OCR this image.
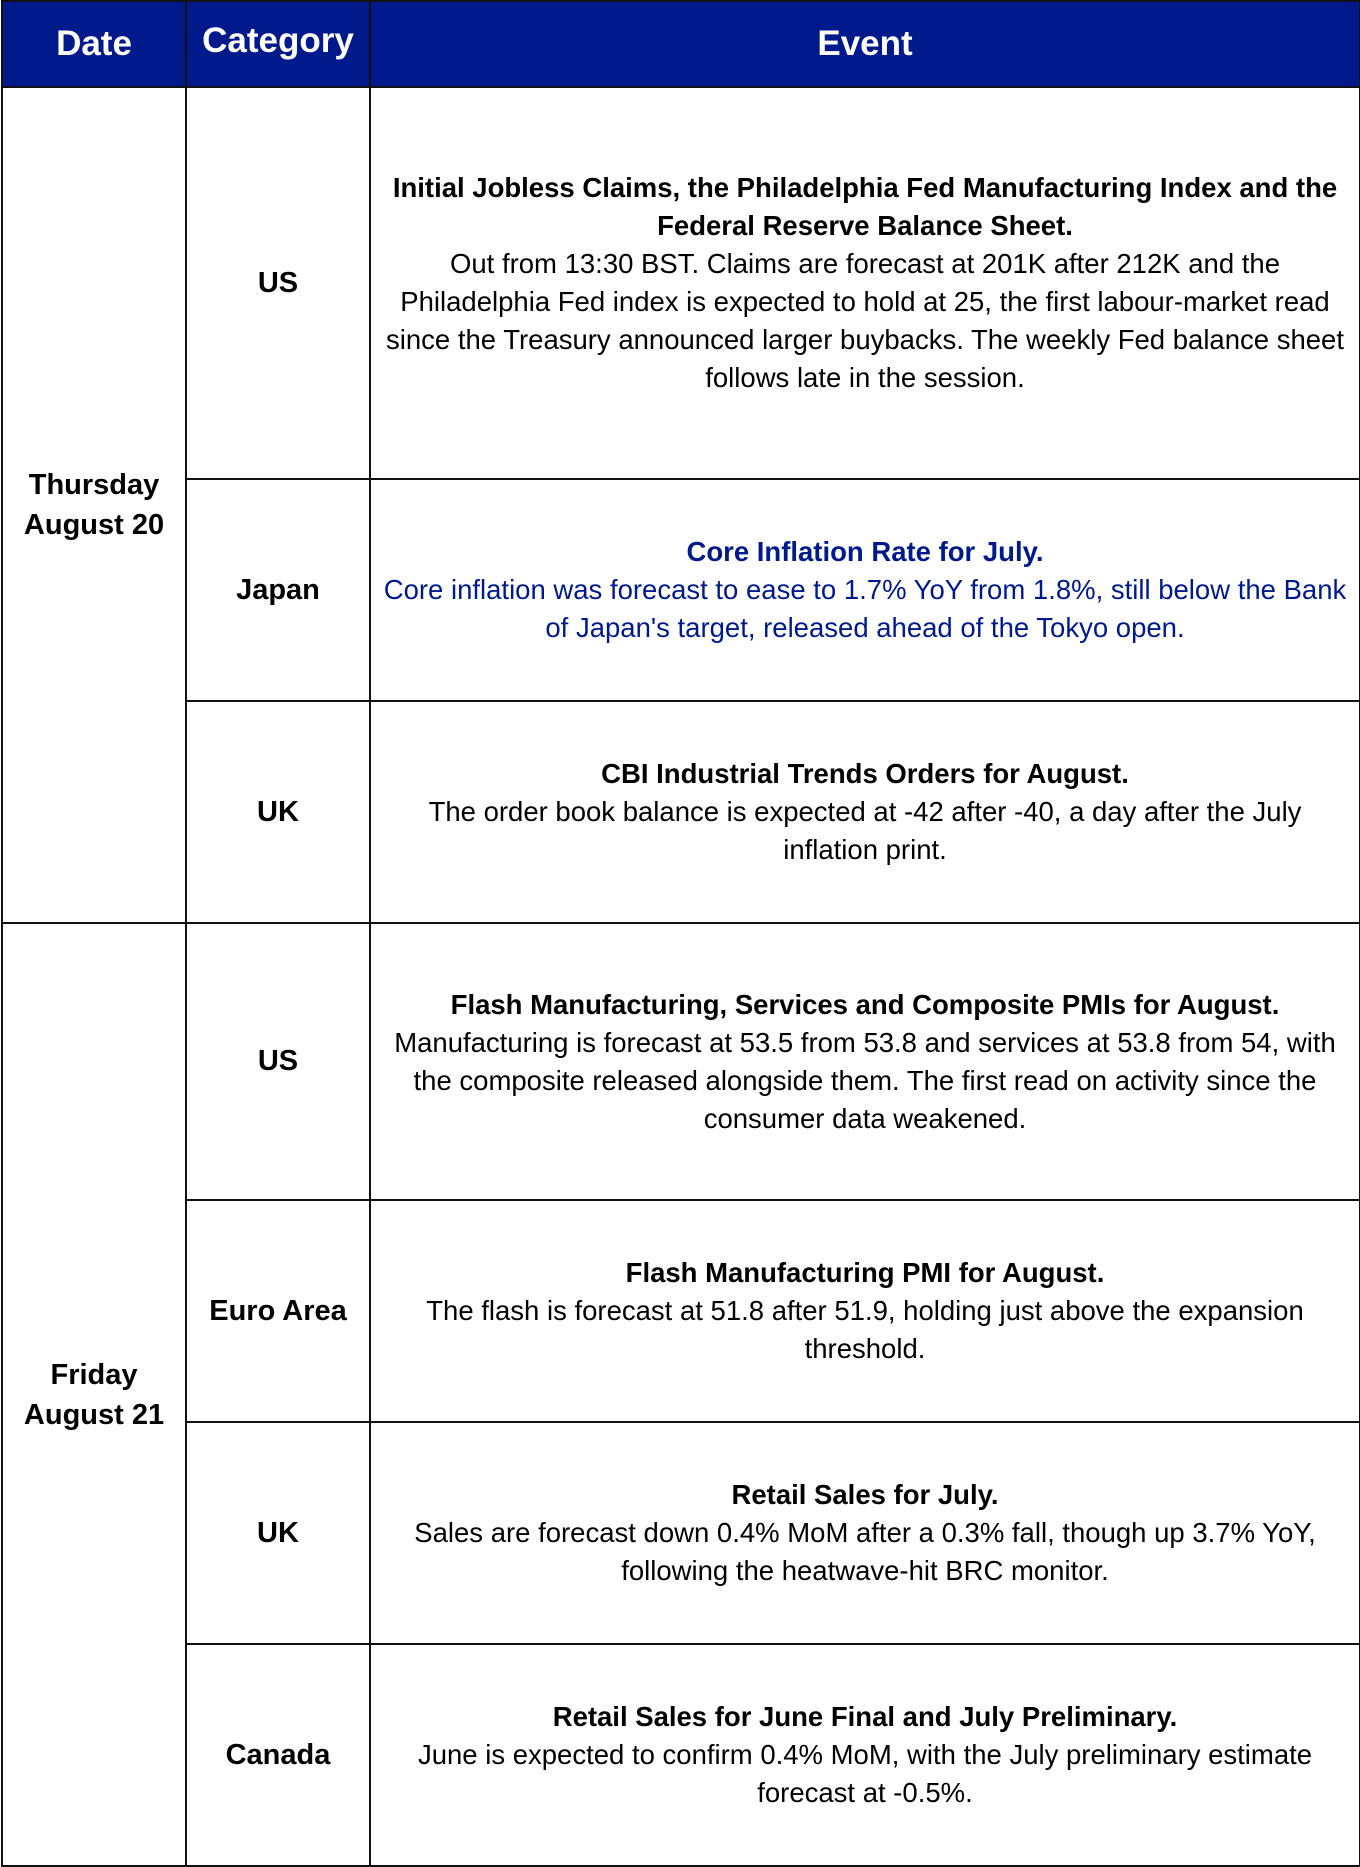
Date	Category	Event
Thursday
August 20	US	Initial Jobless Claims, the Philadelphia Fed Manufacturing Index and the Federal Reserve Balance Sheet.
Out from 13:30 BST. Claims are forecast at 201K after 212K and the Philadelphia Fed index is expected to hold at 25, the first labour-market read since the Treasury announced larger buybacks. The weekly Fed balance sheet follows late in the session.

	Japan	Core Inflation Rate for July.
Core inflation was forecast to ease to 1.7% YoY from 1.8%, still below the Bank of Japan's target, released ahead of the Tokyo open.

	UK	CBI Industrial Trends Orders for August.
The order book balance is expected at -42 after -40, a day after the July inflation print.

Friday
August 21	US	Flash Manufacturing, Services and Composite PMIs for August.
Manufacturing is forecast at 53.5 from 53.8 and services at 53.8 from 54, with the composite released alongside them. The first read on activity since the consumer data weakened.

	Euro Area	Flash Manufacturing PMI for August.
The flash is forecast at 51.8 after 51.9, holding just above the expansion threshold.

	UK	Retail Sales for July.
Sales are forecast down 0.4% MoM after a 0.3% fall, though up 3.7% YoY, following the heatwave-hit BRC monitor.

	Canada	Retail Sales for June Final and July Preliminary.
June is expected to confirm 0.4% MoM, with the July preliminary estimate forecast at -0.5%.
